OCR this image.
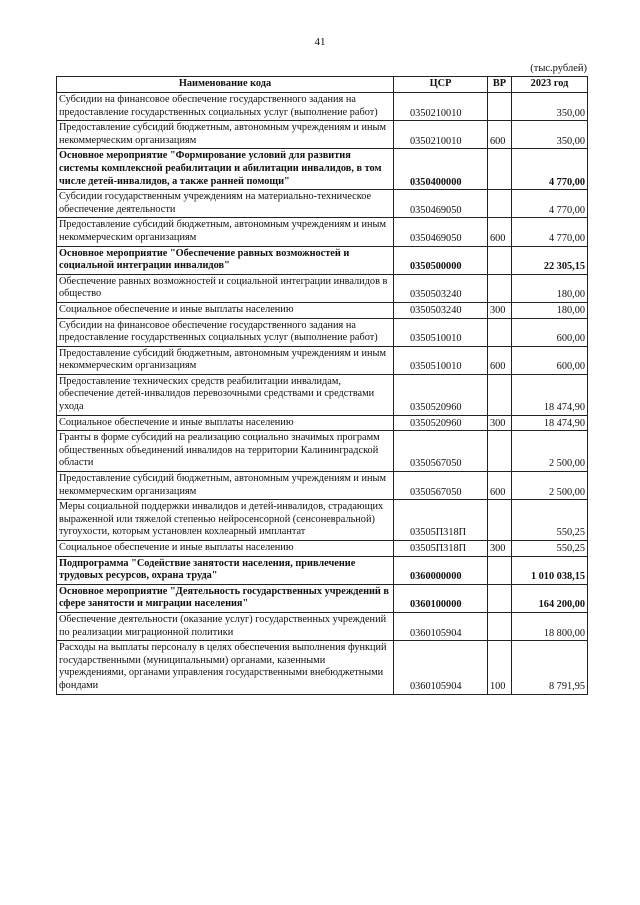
41
(тыс.рублей)
Наименование кода	ЦСР	ВР	2023 год
Субсидии на финансовое обеспечение государственного задания на предоставление государственных социальных услуг (выполнение работ)	0350210010		350,00
Предоставление субсидий бюджетным, автономным учреждениям и иным некоммерческим организациям	0350210010	600	350,00
Основное мероприятие "Формирование условий для развития системы комплексной реабилитации и абилитации инвалидов, в том числе детей-инвалидов, а также ранней помощи"	0350400000		4 770,00
Субсидии государственным учреждениям на материально-техническое обеспечение деятельности	0350469050		4 770,00
Предоставление субсидий бюджетным, автономным учреждениям и иным некоммерческим организациям	0350469050	600	4 770,00
Основное мероприятие "Обеспечение равных возможностей и социальной интеграции инвалидов"	0350500000		22 305,15
Обеспечение равных возможностей и социальной интеграции инвалидов в общество	0350503240		180,00
Социальное обеспечение и иные выплаты населению	0350503240	300	180,00
Субсидии на финансовое обеспечение государственного задания на предоставление государственных социальных услуг (выполнение работ)	0350510010		600,00
Предоставление субсидий бюджетным, автономным учреждениям и иным некоммерческим организациям	0350510010	600	600,00
Предоставление технических средств реабилитации инвалидам, обеспечение детей-инвалидов перевозочными средствами и средствами ухода	0350520960		18 474,90
Социальное обеспечение и иные выплаты населению	0350520960	300	18 474,90
Гранты в форме субсидий на реализацию социально значимых программ общественных объединений инвалидов на территории Калининградской области	0350567050		2 500,00
Предоставление субсидий бюджетным, автономным учреждениям и иным некоммерческим организациям	0350567050	600	2 500,00
Меры социальной поддержки инвалидов и детей-инвалидов, страдающих выраженной или тяжелой степенью нейросенсорной (сенсоневральной) тугоухости, которым установлен кохлеарный имплантат	03505П318П		550,25
Социальное обеспечение и иные выплаты населению	03505П318П	300	550,25
Подпрограмма "Содействие занятости населения, привлечение трудовых ресурсов, охрана труда"	0360000000		1 010 038,15
Основное мероприятие "Деятельность государственных учреждений в сфере занятости и миграции населения"	0360100000		164 200,00
Обеспечение деятельности (оказание услуг) государственных учреждений по реализации миграционной политики	0360105904		18 800,00
Расходы на выплаты персоналу в целях обеспечения выполнения функций государственными (муниципальными) органами, казенными учреждениями, органами управления государственными внебюджетными фондами	0360105904	100	8 791,95
